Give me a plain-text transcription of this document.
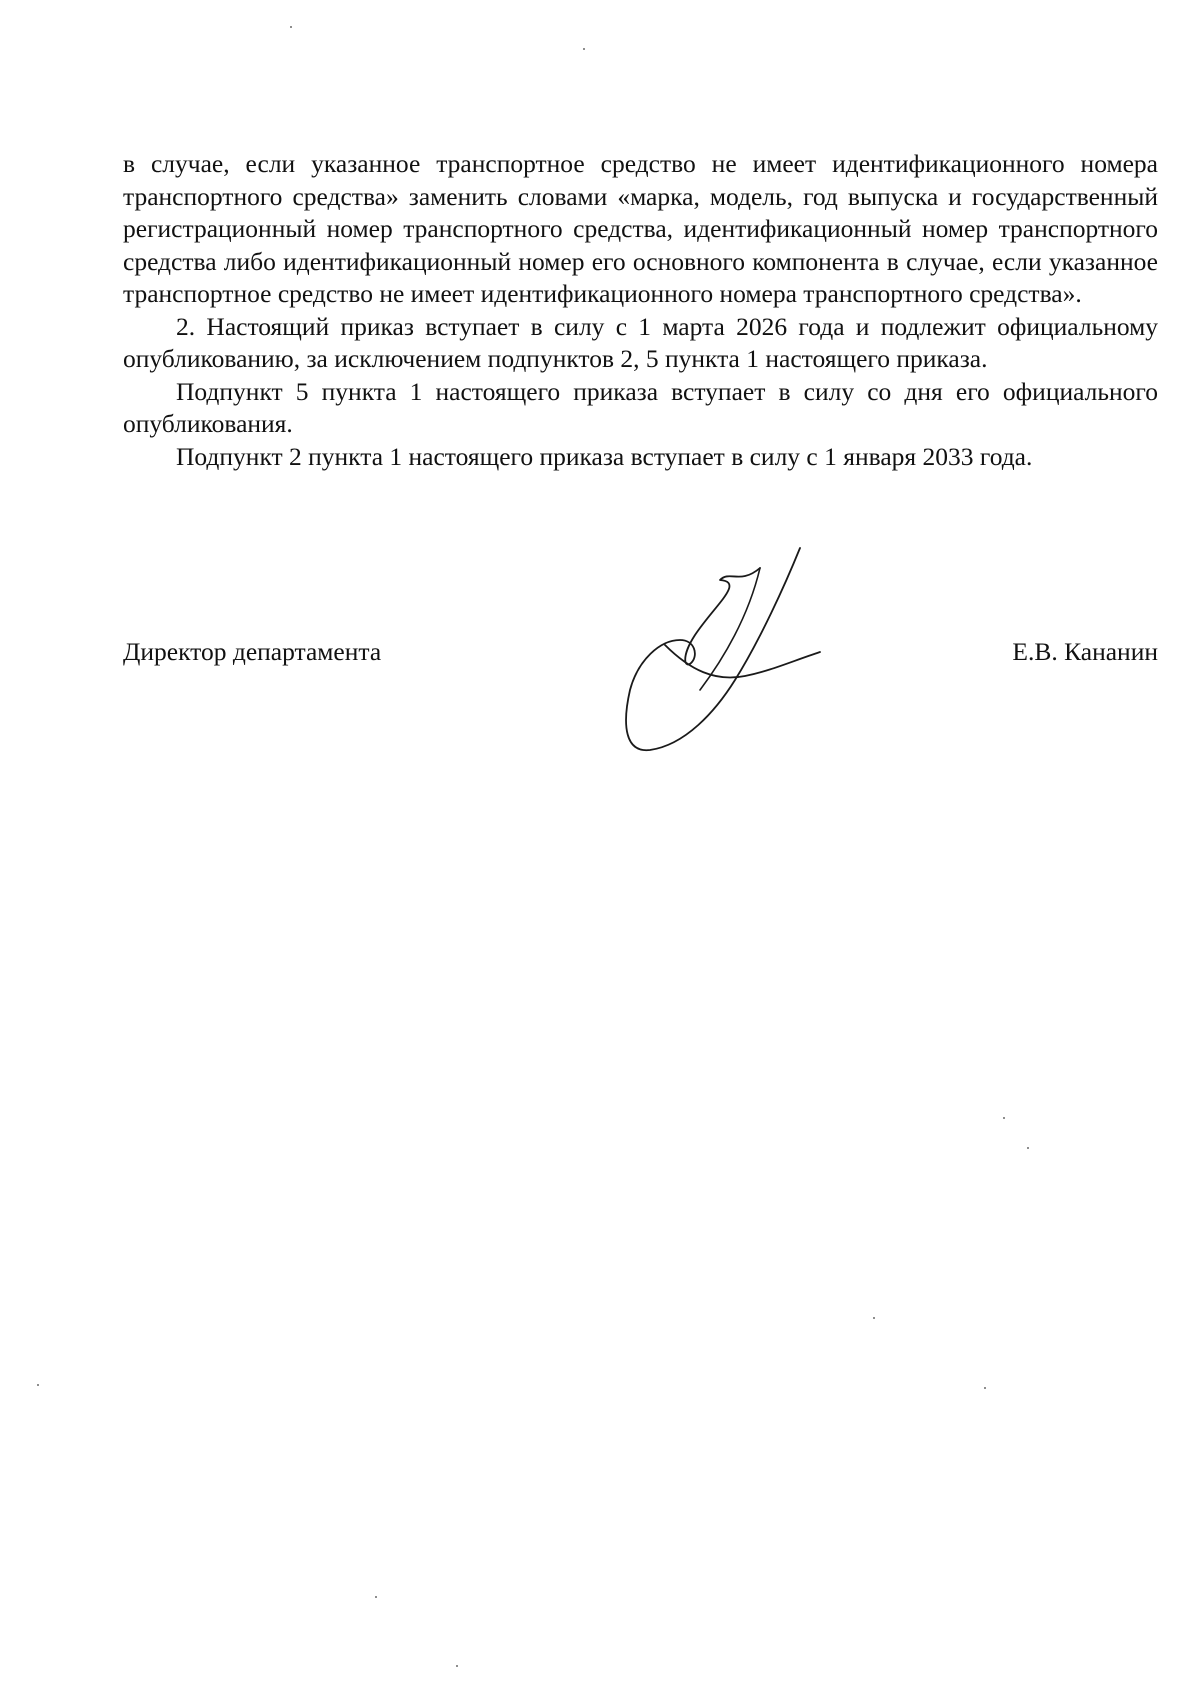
в случае, если указанное транспортное средство не имеет идентификационного номера транспортного средства» заменить словами «марка, модель, год выпуска и государственный регистрационный номер транспортного средства, идентификационный номер транспортного средства либо идентификационный номер его основного компонента в случае, если указанное транспортное средство не имеет идентификационного номера транспортного средства».

2. Настоящий приказ вступает в силу с 1 марта 2026 года и подлежит официальному опубликованию, за исключением подпунктов 2, 5 пункта 1 настоящего приказа.

Подпункт 5 пункта 1 настоящего приказа вступает в силу со дня его официального опубликования.

Подпункт 2 пункта 1 настоящего приказа вступает в силу с 1 января 2033 года.

Директор департамента	Е.В. Кананин
